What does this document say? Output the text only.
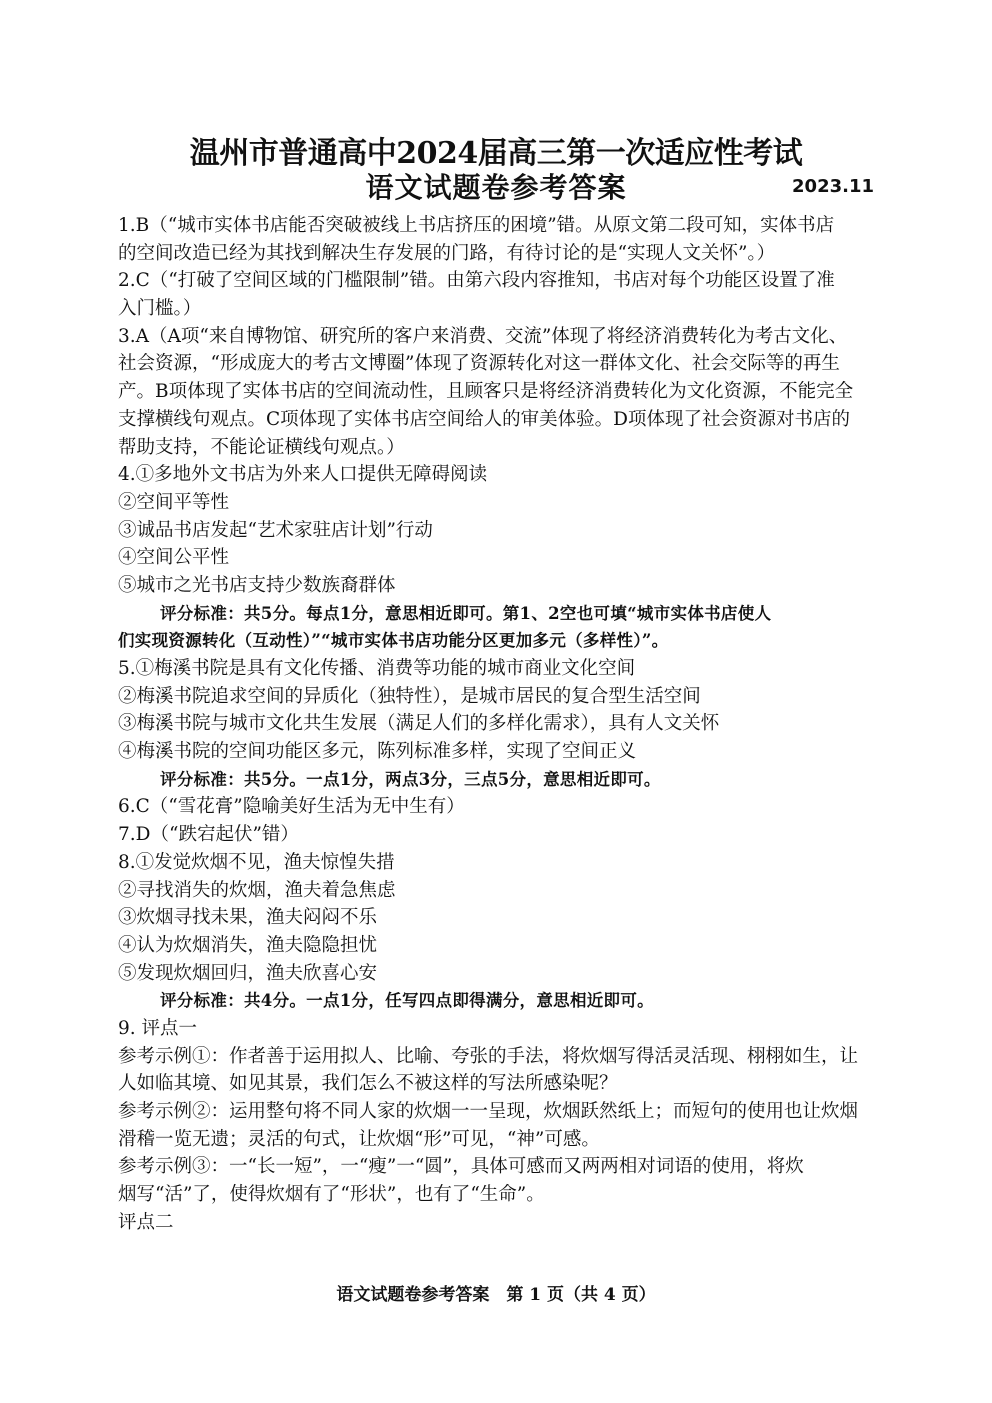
温州市普通高中2024届高三第一次适应性考试
语文试题卷参考答案	2023.11
1.B（“城市实体书店能否突破被线上书店挤压的困境”错。从原文第二段可知，实体书店
的空间改造已经为其找到解决生存发展的门路，有待讨论的是“实现人文关怀”。）
2.C（“打破了空间区域的门槛限制”错。由第六段内容推知，书店对每个功能区设置了准
入门槛。）
3.A（A项“来自博物馆、研究所的客户来消费、交流”体现了将经济消费转化为考古文化、
社会资源，“形成庞大的考古文博圈”体现了资源转化对这一群体文化、社会交际等的再生
产。B项体现了实体书店的空间流动性，且顾客只是将经济消费转化为文化资源，不能完全
支撑横线句观点。C项体现了实体书店空间给人的审美体验。D项体现了社会资源对书店的
帮助支持，不能论证横线句观点。）
4.①多地外文书店为外来人口提供无障碍阅读
②空间平等性
③诚品书店发起“艺术家驻店计划”行动
④空间公平性
⑤城市之光书店支持少数族裔群体
评分标准：共5分。每点1分，意思相近即可。第1、2空也可填“城市实体书店使人
们实现资源转化（互动性）”“城市实体书店功能分区更加多元（多样性）”。
5.①梅溪书院是具有文化传播、消费等功能的城市商业文化空间
②梅溪书院追求空间的异质化（独特性），是城市居民的复合型生活空间
③梅溪书院与城市文化共生发展（满足人们的多样化需求），具有人文关怀
④梅溪书院的空间功能区多元，陈列标准多样，实现了空间正义
评分标准：共5分。一点1分，两点3分，三点5分，意思相近即可。
6.C（“雪花膏”隐喻美好生活为无中生有）
7.D（“跌宕起伏”错）
8.①发觉炊烟不见，渔夫惊惶失措
②寻找消失的炊烟，渔夫着急焦虑
③炊烟寻找未果，渔夫闷闷不乐
④认为炊烟消失，渔夫隐隐担忧
⑤发现炊烟回归，渔夫欣喜心安
评分标准：共4分。一点1分，任写四点即得满分，意思相近即可。
9. 评点一
参考示例①：作者善于运用拟人、比喻、夸张的手法，将炊烟写得活灵活现、栩栩如生，让
人如临其境、如见其景，我们怎么不被这样的写法所感染呢？
参考示例②：运用整句将不同人家的炊烟一一呈现，炊烟跃然纸上；而短句的使用也让炊烟
滑稽一览无遗；灵活的句式，让炊烟“形”可见，“神”可感。
参考示例③：一“长一短”，一“瘦”一“圆”，具体可感而又两两相对词语的使用，将炊
烟写“活”了，使得炊烟有了“形状”，也有了“生命”。
评点二
语文试题卷参考答案　第 1 页（共 4 页）
